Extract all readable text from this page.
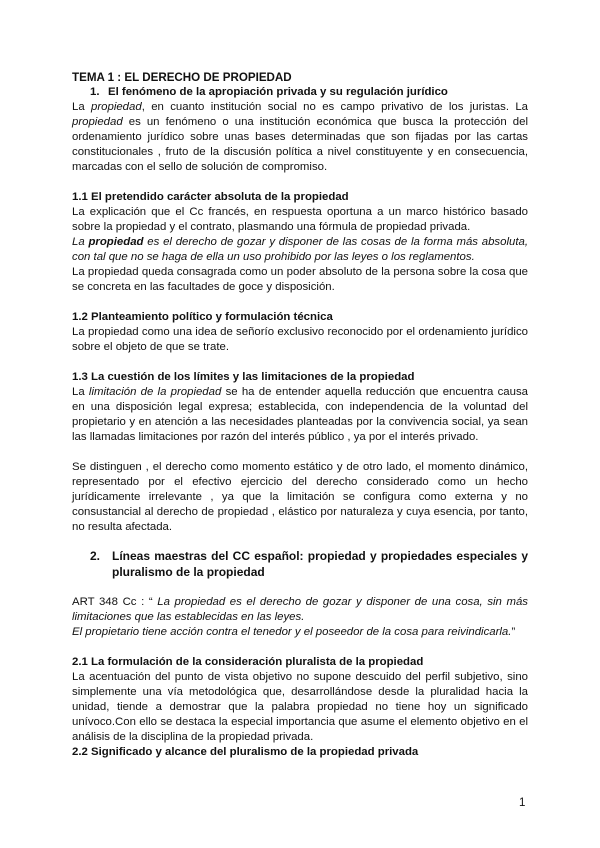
TEMA 1 : EL DERECHO DE PROPIEDAD
1. El fenómeno de la apropiación privada y su regulación jurídico

La propiedad, en cuanto institución social no es campo privativo de los juristas. La propiedad es un fenómeno o una institución económica que busca la protección del ordenamiento jurídico sobre unas bases determinadas que son fijadas por las cartas constitucionales , fruto de la discusión política a nivel constituyente y en consecuencia, marcadas con el sello de solución de compromiso.

1.1 El pretendido carácter absoluta de la propiedad

La explicación que el Cc francés, en respuesta oportuna a un marco histórico basado sobre la propiedad y el contrato, plasmando una fórmula de propiedad privada.

La propiedad es el derecho de gozar y disponer de las cosas de la forma más absoluta, con tal que no se haga de ella un uso prohibido por las leyes o los reglamentos.

La propiedad queda consagrada como un poder absoluto de la persona sobre la cosa que se concreta en las facultades de goce y disposición.

1.2 Planteamiento político y formulación técnica

La propiedad como una idea de señorío exclusivo reconocido por el ordenamiento jurídico sobre el objeto de que se trate.

1.3 La cuestión de los límites y las limitaciones de la propiedad

La limitación de la propiedad se ha de entender aquella reducción que encuentra causa en una disposición legal expresa; establecida, con independencia de la voluntad del propietario y en atención a las necesidades planteadas por la convivencia social, ya sean las llamadas limitaciones por razón del interés público , ya por el interés privado.

Se distinguen , el derecho como momento estático y de otro lado, el momento dinámico, representado por el efectivo ejercicio del derecho considerado como un hecho jurídicamente irrelevante , ya que la limitación se configura como externa y no consustancial al derecho de propiedad , elástico por naturaleza y cuya esencia, por tanto, no resulta afectada.

2. Líneas maestras del CC español: propiedad y propiedades especiales y pluralismo de la propiedad

ART 348 Cc : “ La propiedad es el derecho de gozar y disponer de una cosa, sin más limitaciones que las establecidas en las leyes.
El propietario tiene acción contra el tenedor y el poseedor de la cosa para reivindicarla.”

2.1 La formulación de la consideración pluralista de la propiedad

La acentuación del punto de vista objetivo no supone descuido del perfil subjetivo, sino simplemente una vía metodológica que, desarrollándose desde la pluralidad hacia la unidad, tiende a demostrar que la palabra propiedad no tiene hoy un significado unívoco.Con ello se destaca la especial importancia que asume el elemento objetivo en el análisis de la disciplina de la propiedad privada.

2.2 Significado y alcance del pluralismo de la propiedad privada
1
